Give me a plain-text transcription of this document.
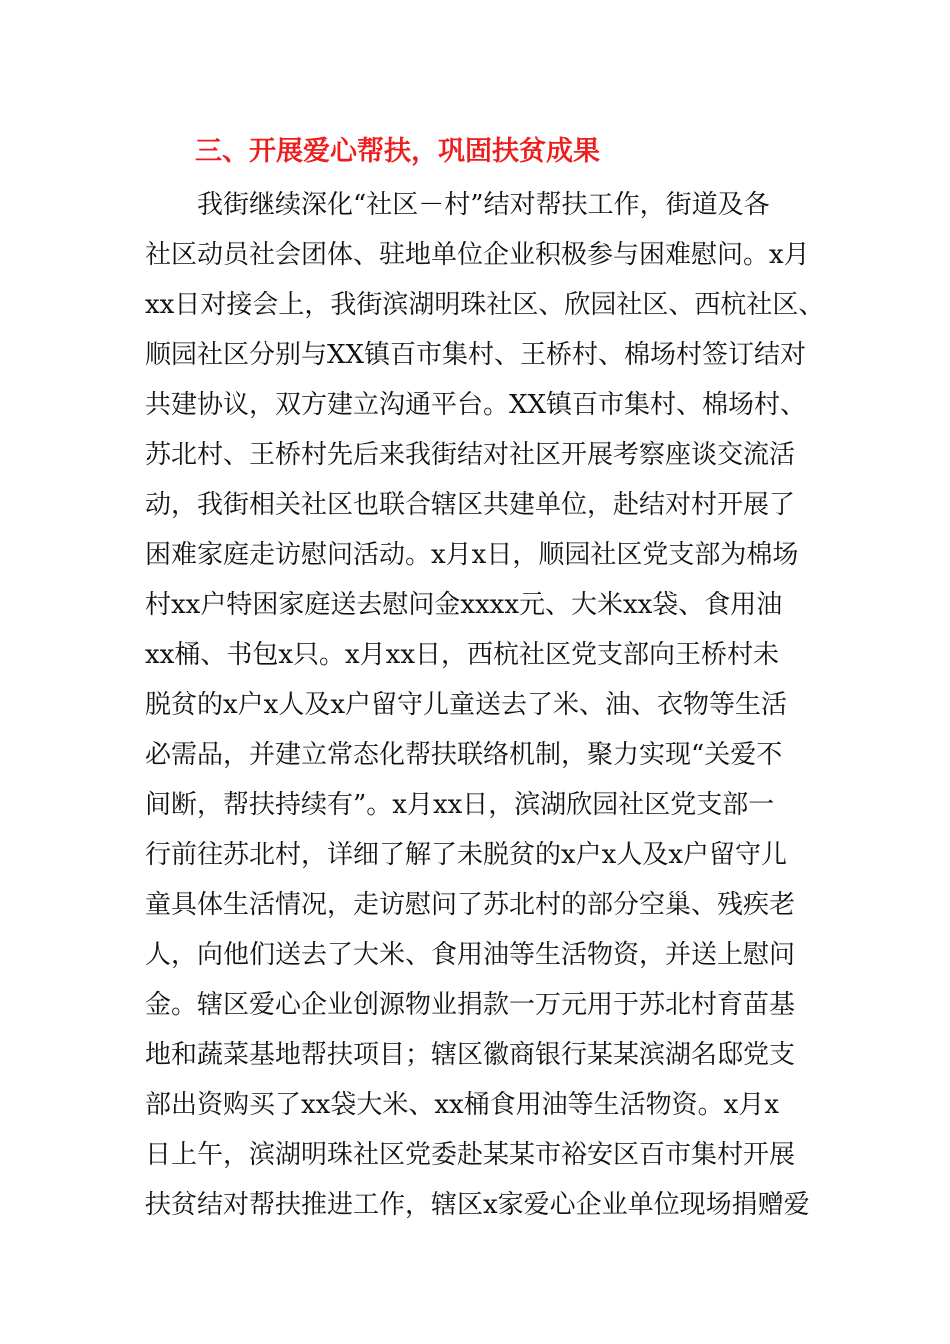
三、开展爱心帮扶，巩固扶贫成果
我街继续深化“社区－村”结对帮扶工作，街道及各
社区动员社会团体、驻地单位企业积极参与困难慰问。x月
xx日对接会上，我街滨湖明珠社区、欣园社区、西杭社区、
顺园社区分别与XX镇百市集村、王桥村、棉场村签订结对
共建协议，双方建立沟通平台。XX镇百市集村、棉场村、
苏北村、王桥村先后来我街结对社区开展考察座谈交流活
动，我街相关社区也联合辖区共建单位，赴结对村开展了
困难家庭走访慰问活动。x月x日，顺园社区党支部为棉场
村xx户特困家庭送去慰问金xxxx元、大米xx袋、食用油
xx桶、书包x只。x月xx日，西杭社区党支部向王桥村未
脱贫的x户x人及x户留守儿童送去了米、油、衣物等生活
必需品，并建立常态化帮扶联络机制，聚力实现“关爱不
间断，帮扶持续有”。x月xx日，滨湖欣园社区党支部一
行前往苏北村，详细了解了未脱贫的x户x人及x户留守儿
童具体生活情况，走访慰问了苏北村的部分空巢、残疾老
人，向他们送去了大米、食用油等生活物资，并送上慰问
金。辖区爱心企业创源物业捐款一万元用于苏北村育苗基
地和蔬菜基地帮扶项目；辖区徽商银行某某滨湖名邸党支
部出资购买了xx袋大米、xx桶食用油等生活物资。x月x
日上午，滨湖明珠社区党委赴某某市裕安区百市集村开展
扶贫结对帮扶推进工作，辖区x家爱心企业单位现场捐赠爱
